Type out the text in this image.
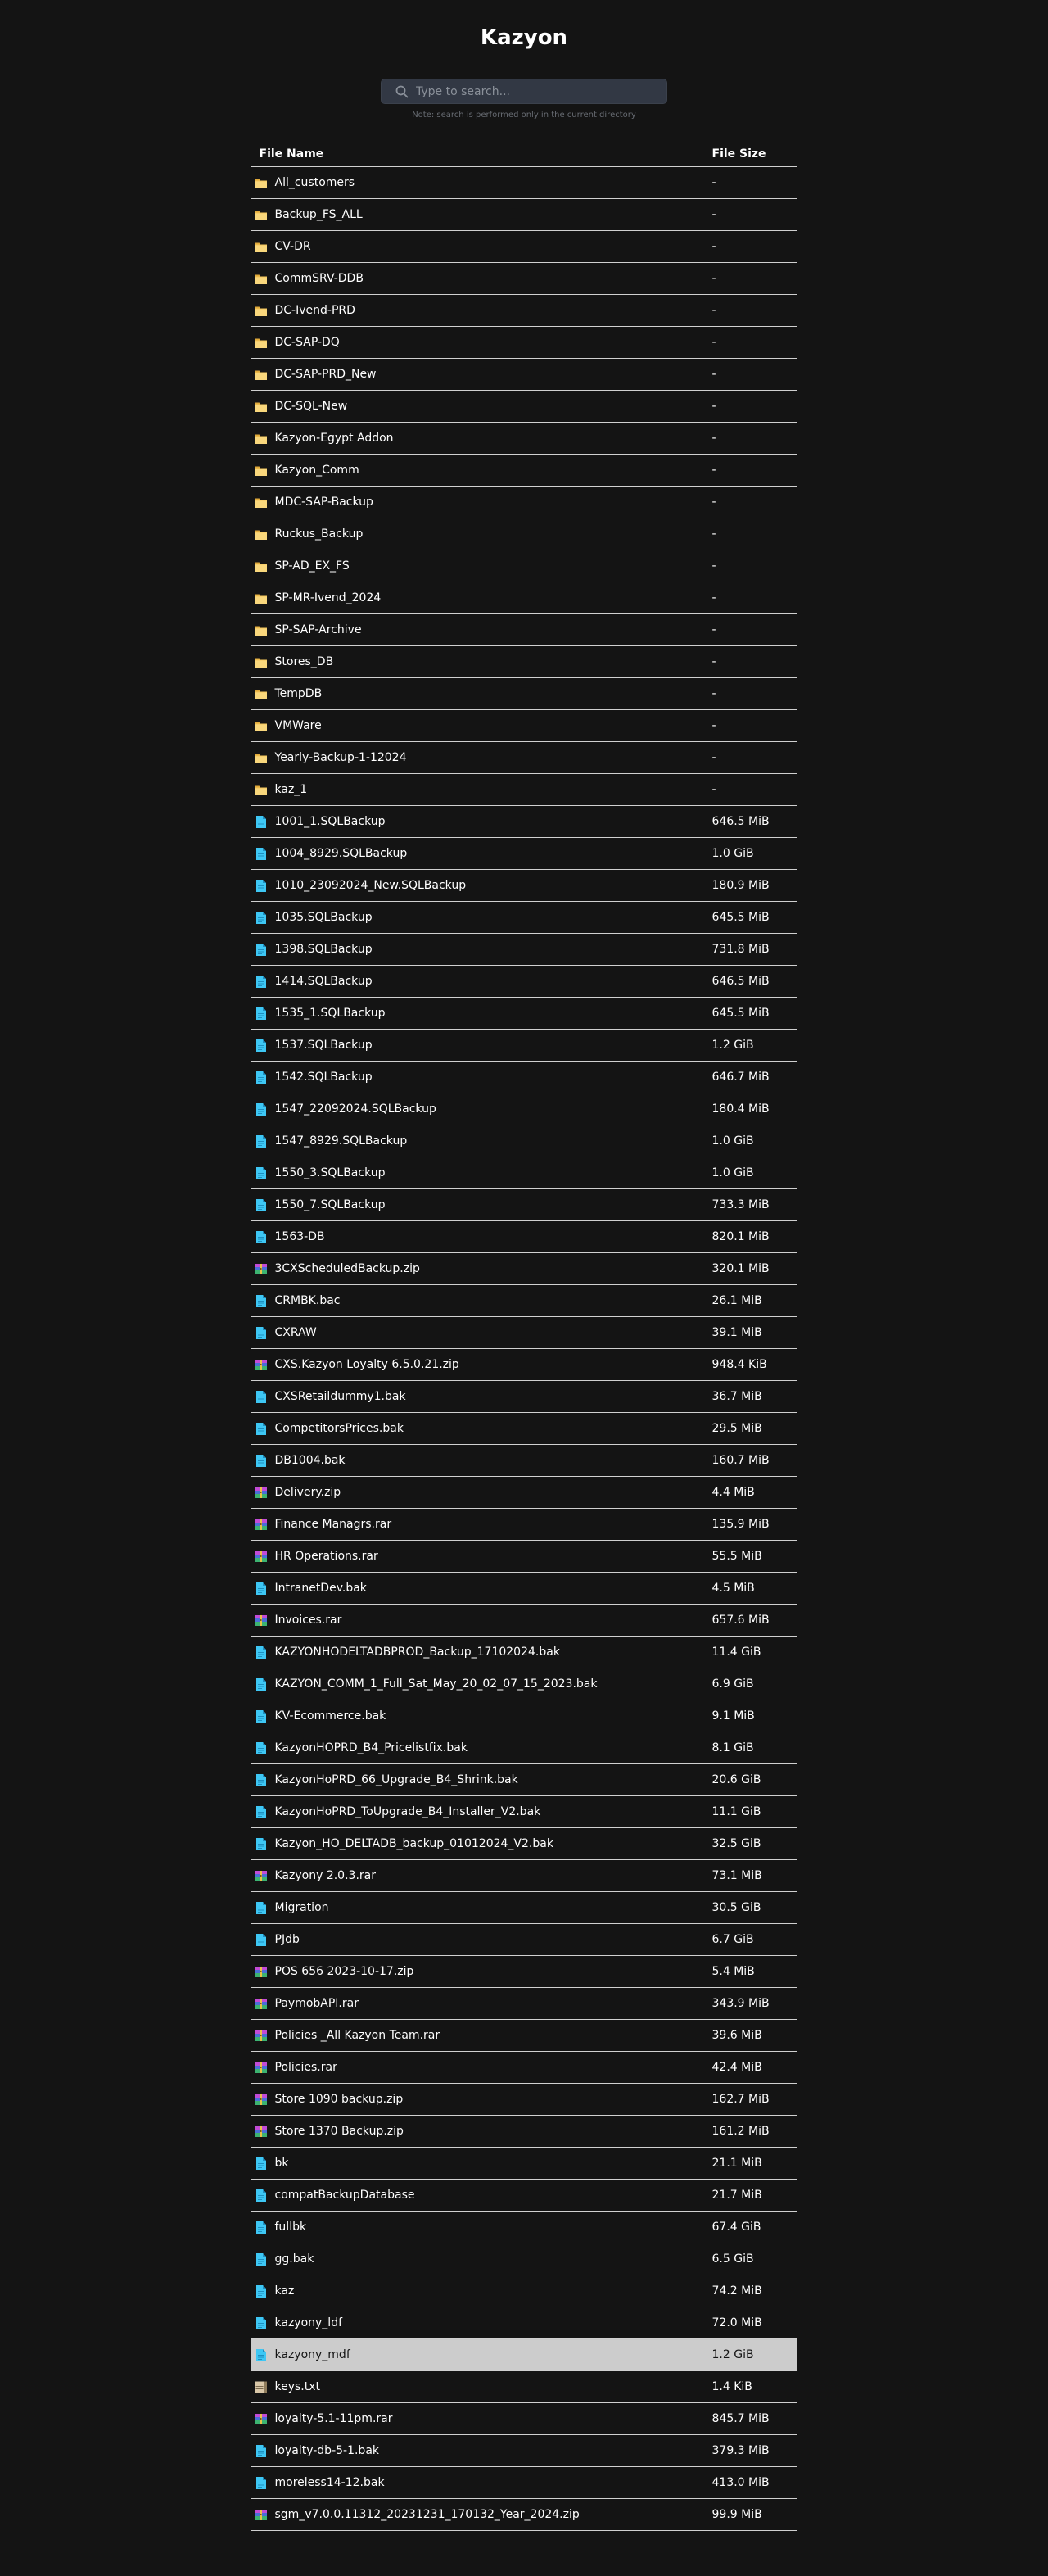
Kazyon
Type to search...
Note: search is performed only in the current directory
File Name	File Size

All_customers	-

Backup_FS_ALL	-

CV-DR	-

CommSRV-DDB	-

DC-Ivend-PRD	-

DC-SAP-DQ	-

DC-SAP-PRD_New	-

DC-SQL-New	-

Kazyon-Egypt Addon	-

Kazyon_Comm	-

MDC-SAP-Backup	-

Ruckus_Backup	-

SP-AD_EX_FS	-

SP-MR-Ivend_2024	-

SP-SAP-Archive	-

Stores_DB	-

TempDB	-

VMWare	-

Yearly-Backup-1-12024	-

kaz_1	-

1001_1.SQLBackup	646.5 MiB

1004_8929.SQLBackup	1.0 GiB

1010_23092024_New.SQLBackup	180.9 MiB

1035.SQLBackup	645.5 MiB

1398.SQLBackup	731.8 MiB

1414.SQLBackup	646.5 MiB

1535_1.SQLBackup	645.5 MiB

1537.SQLBackup	1.2 GiB

1542.SQLBackup	646.7 MiB

1547_22092024.SQLBackup	180.4 MiB

1547_8929.SQLBackup	1.0 GiB

1550_3.SQLBackup	1.0 GiB

1550_7.SQLBackup	733.3 MiB

1563-DB	820.1 MiB

3CXScheduledBackup.zip	320.1 MiB

CRMBK.bac	26.1 MiB

CXRAW	39.1 MiB

CXS.Kazyon Loyalty 6.5.0.21.zip	948.4 KiB

CXSRetaildummy1.bak	36.7 MiB

CompetitorsPrices.bak	29.5 MiB

DB1004.bak	160.7 MiB

Delivery.zip	4.4 MiB

Finance Managrs.rar	135.9 MiB

HR Operations.rar	55.5 MiB

IntranetDev.bak	4.5 MiB

Invoices.rar	657.6 MiB

KAZYONHODELTADBPROD_Backup_17102024.bak	11.4 GiB

KAZYON_COMM_1_Full_Sat_May_20_02_07_15_2023.bak	6.9 GiB

KV-Ecommerce.bak	9.1 MiB

KazyonHOPRD_B4_Pricelistfix.bak	8.1 GiB

KazyonHoPRD_66_Upgrade_B4_Shrink.bak	20.6 GiB

KazyonHoPRD_ToUpgrade_B4_Installer_V2.bak	11.1 GiB

Kazyon_HO_DELTADB_backup_01012024_V2.bak	32.5 GiB

Kazyony 2.0.3.rar	73.1 MiB

Migration	30.5 GiB

PJdb	6.7 GiB

POS 656 2023-10-17.zip	5.4 MiB

PaymobAPI.rar	343.9 MiB

Policies _All Kazyon Team.rar	39.6 MiB

Policies.rar	42.4 MiB

Store 1090 backup.zip	162.7 MiB

Store 1370 Backup.zip	161.2 MiB

bk	21.1 MiB

compatBackupDatabase	21.7 MiB

fullbk	67.4 GiB

gg.bak	6.5 GiB

kaz	74.2 MiB

kazyony_ldf	72.0 MiB

kazyony_mdf	1.2 GiB

keys.txt	1.4 KiB

loyalty-5.1-11pm.rar	845.7 MiB

loyalty-db-5-1.bak	379.3 MiB

moreless14-12.bak	413.0 MiB

sgm_v7.0.0.11312_20231231_170132_Year_2024.zip	99.9 MiB
